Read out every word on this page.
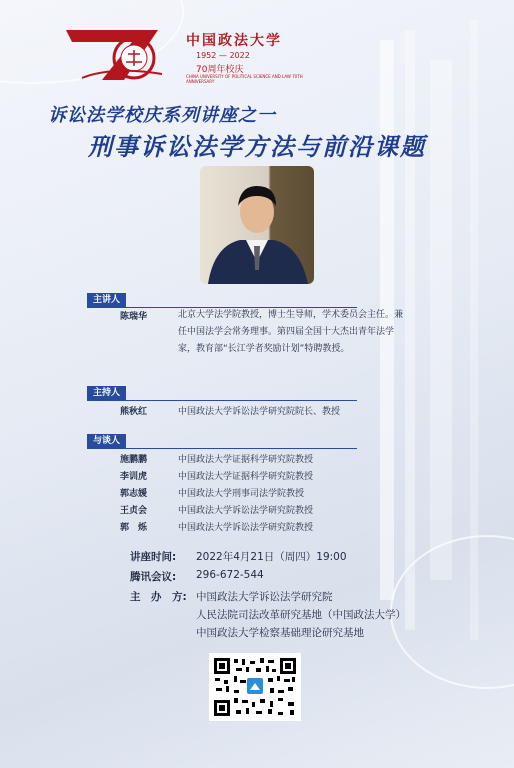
中国政法大学
1952 — 2022
70周年校庆
CHINA UNIVERSITY OF POLITICAL SCIENCE AND LAW 70TH ANNIVERSARY
诉讼法学校庆系列讲座之一
刑事诉讼法学方法与前沿课题
主讲人
陈瑞华	北京大学法学院教授，博士生导师，学术委员会主任。兼任中国法学会常务理事。第四届全国十大杰出青年法学家，教育部“长江学者奖励计划”特聘教授。
主持人
熊秋红	中国政法大学诉讼法学研究院院长、教授
与谈人
施鹏鹏	中国政法大学证据科学研究院教授
李训虎	中国政法大学证据科学研究院教授
郭志媛	中国政法大学刑事司法学院教授
王贞会	中国政法大学诉讼法学研究院教授
郭　烁	中国政法大学诉讼法学研究院教授
讲座时间: 2022年4月21日（周四）19:00
腾讯会议: 296-672-544
主　办　方: 中国政法大学诉讼法学研究院
人民法院司法改革研究基地（中国政法大学）
中国政法大学检察基础理论研究基地
